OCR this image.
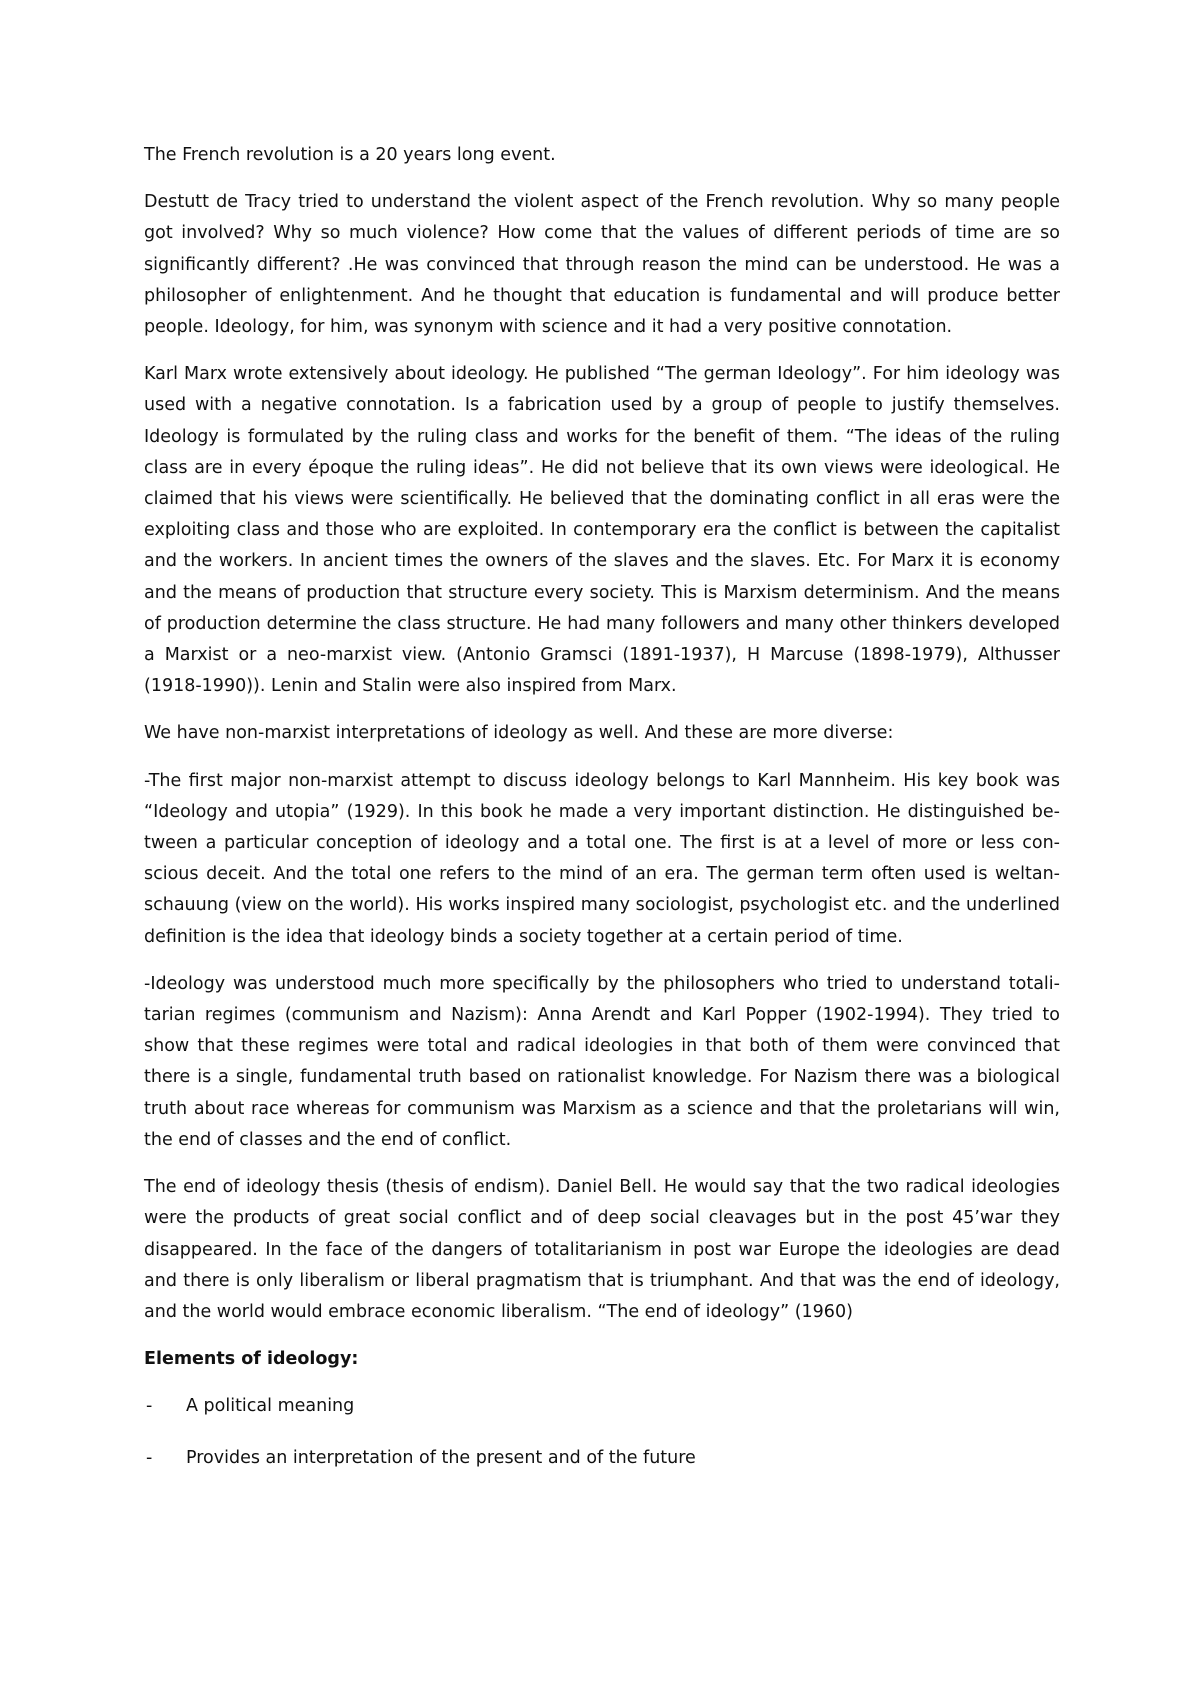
The French revolution is a 20 years long event.

Destutt de Tracy tried to understand the violent aspect of the French revolution. Why so many people got involved? Why so much violence? How come that the values of different periods of time are so significantly different? .He was convinced that through reason the mind can be understood. He was a philosopher of enlightenment. And he thought that education is fundamental and will produce better people. Ideology, for him, was synonym with science and it had a very positive connotation.

Karl Marx wrote extensively about ideology. He published “The german Ideology”. For him ideology was used with a negative connotation. Is a fabrication used by a group of people to justify themselves. Ideology is formulated by the ruling class and works for the benefit of them. “The ideas of the ruling class are in every époque the ruling ideas”. He did not believe that its own views were ideological. He claimed that his views were scientifically. He believed that the dominating conflict in all eras were the exploiting class and those who are exploited. In contemporary era the conflict is between the capitalist and the workers. In ancient times the owners of the slaves and the slaves. Etc. For Marx it is economy and the means of production that structure every society. This is Marxism determinism. And the means of production determine the class structure. He had many followers and many other thinkers developed a Marxist or a neo-marxist view. (Antonio Gramsci (1891-1937), H Marcuse (1898-1979), Althusser (1918-1990)). Lenin and Stalin were also inspired from Marx.

We have non-marxist interpretations of ideology as well. And these are more diverse:

-The first major non-marxist attempt to discuss ideology belongs to Karl Mannheim. His key book was “Ideology and utopia” (1929). In this book he made a very important distinction. He distinguished between a particular conception of ideology and a total one. The first is at a level of more or less conscious deceit. And the total one refers to the mind of an era. The german term often used is weltanschauung (view on the world). His works inspired many sociologist, psychologist etc. and the underlined definition is the idea that ideology binds a society together at a certain period of time.

-Ideology was understood much more specifically by the philosophers who tried to understand totalitarian regimes (communism and Nazism): Anna Arendt and Karl Popper (1902-1994). They tried to show that these regimes were total and radical ideologies in that both of them were convinced that there is a single, fundamental truth based on rationalist knowledge. For Nazism there was a biological truth about race whereas for communism was Marxism as a science and that the proletarians will win, the end of classes and the end of conflict.

The end of ideology thesis (thesis of endism). Daniel Bell. He would say that the two radical ideologies were the products of great social conflict and of deep social cleavages but in the post 45’war they disappeared. In the face of the dangers of totalitarianism in post war Europe the ideologies are dead and there is only liberalism or liberal pragmatism that is triumphant. And that was the end of ideology, and the world would embrace economic liberalism. “The end of ideology” (1960)

Elements of ideology:

-	A political meaning
-	Provides an interpretation of the present and of the future
